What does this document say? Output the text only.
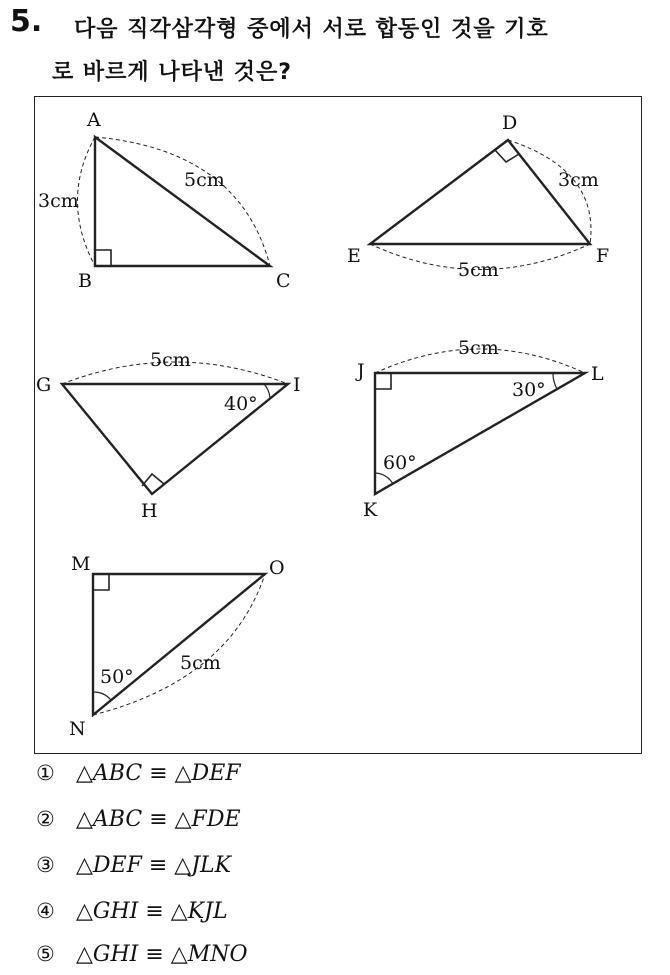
5. 다음 직각삼각형 중에서 서로 합동인 것을 기호
로 바르게 나타낸 것은?
A
B	C
3cm
5cm
D
E	F
3cm
5cm
G
H
I
5cm
40°
J
K
L
5cm
30°
60°
M
N
O
50°
5cm
① △ABC ≡ △DEF
② △ABC ≡ △FDE
③ △DEF ≡ △JLK
④ △GHI ≡ △KJL
⑤ △GHI ≡ △MNO
